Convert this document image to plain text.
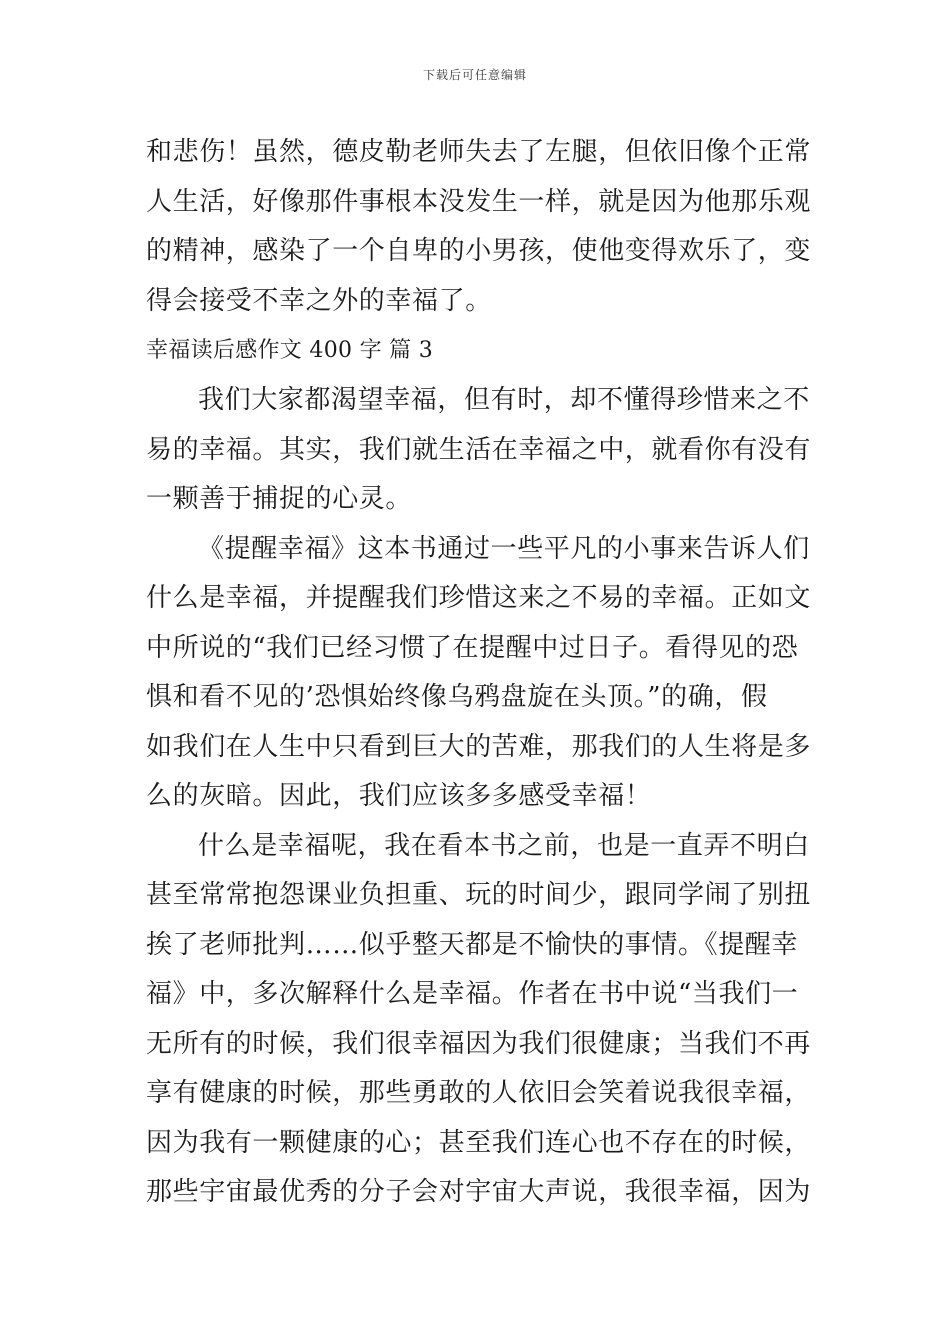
下载后可任意编辑
和悲伤！虽然，德皮勒老师失去了左腿，但依旧像个正常
人生活，好像那件事根本没发生一样，就是因为他那乐观
的精神，感染了一个自卑的小男孩，使他变得欢乐了，变
得会接受不幸之外的幸福了。
幸福读后感作文 400 字 篇 3
我们大家都渴望幸福，但有时，却不懂得珍惜来之不
易的幸福。其实，我们就生活在幸福之中，就看你有没有
一颗善于捕捉的心灵。
《提醒幸福》这本书通过一些平凡的小事来告诉人们
什么是幸福，并提醒我们珍惜这来之不易的幸福。正如文
中所说的“我们已经习惯了在提醒中过日子。看得见的恐
惧和看不见的’恐惧始终像乌鸦盘旋在头顶。”的确，假
如我们在人生中只看到巨大的苦难，那我们的人生将是多
么的灰暗。因此，我们应该多多感受幸福！
什么是幸福呢，我在看本书之前，也是一直弄不明白
甚至常常抱怨课业负担重、玩的时间少，跟同学闹了别扭
挨了老师批判……似乎整天都是不愉快的事情。《提醒幸
福》中，多次解释什么是幸福。作者在书中说“当我们一
无所有的时候，我们很幸福因为我们很健康；当我们不再
享有健康的时候，那些勇敢的人依旧会笑着说我很幸福，
因为我有一颗健康的心；甚至我们连心也不存在的时候，
那些宇宙最优秀的分子会对宇宙大声说，我很幸福，因为
